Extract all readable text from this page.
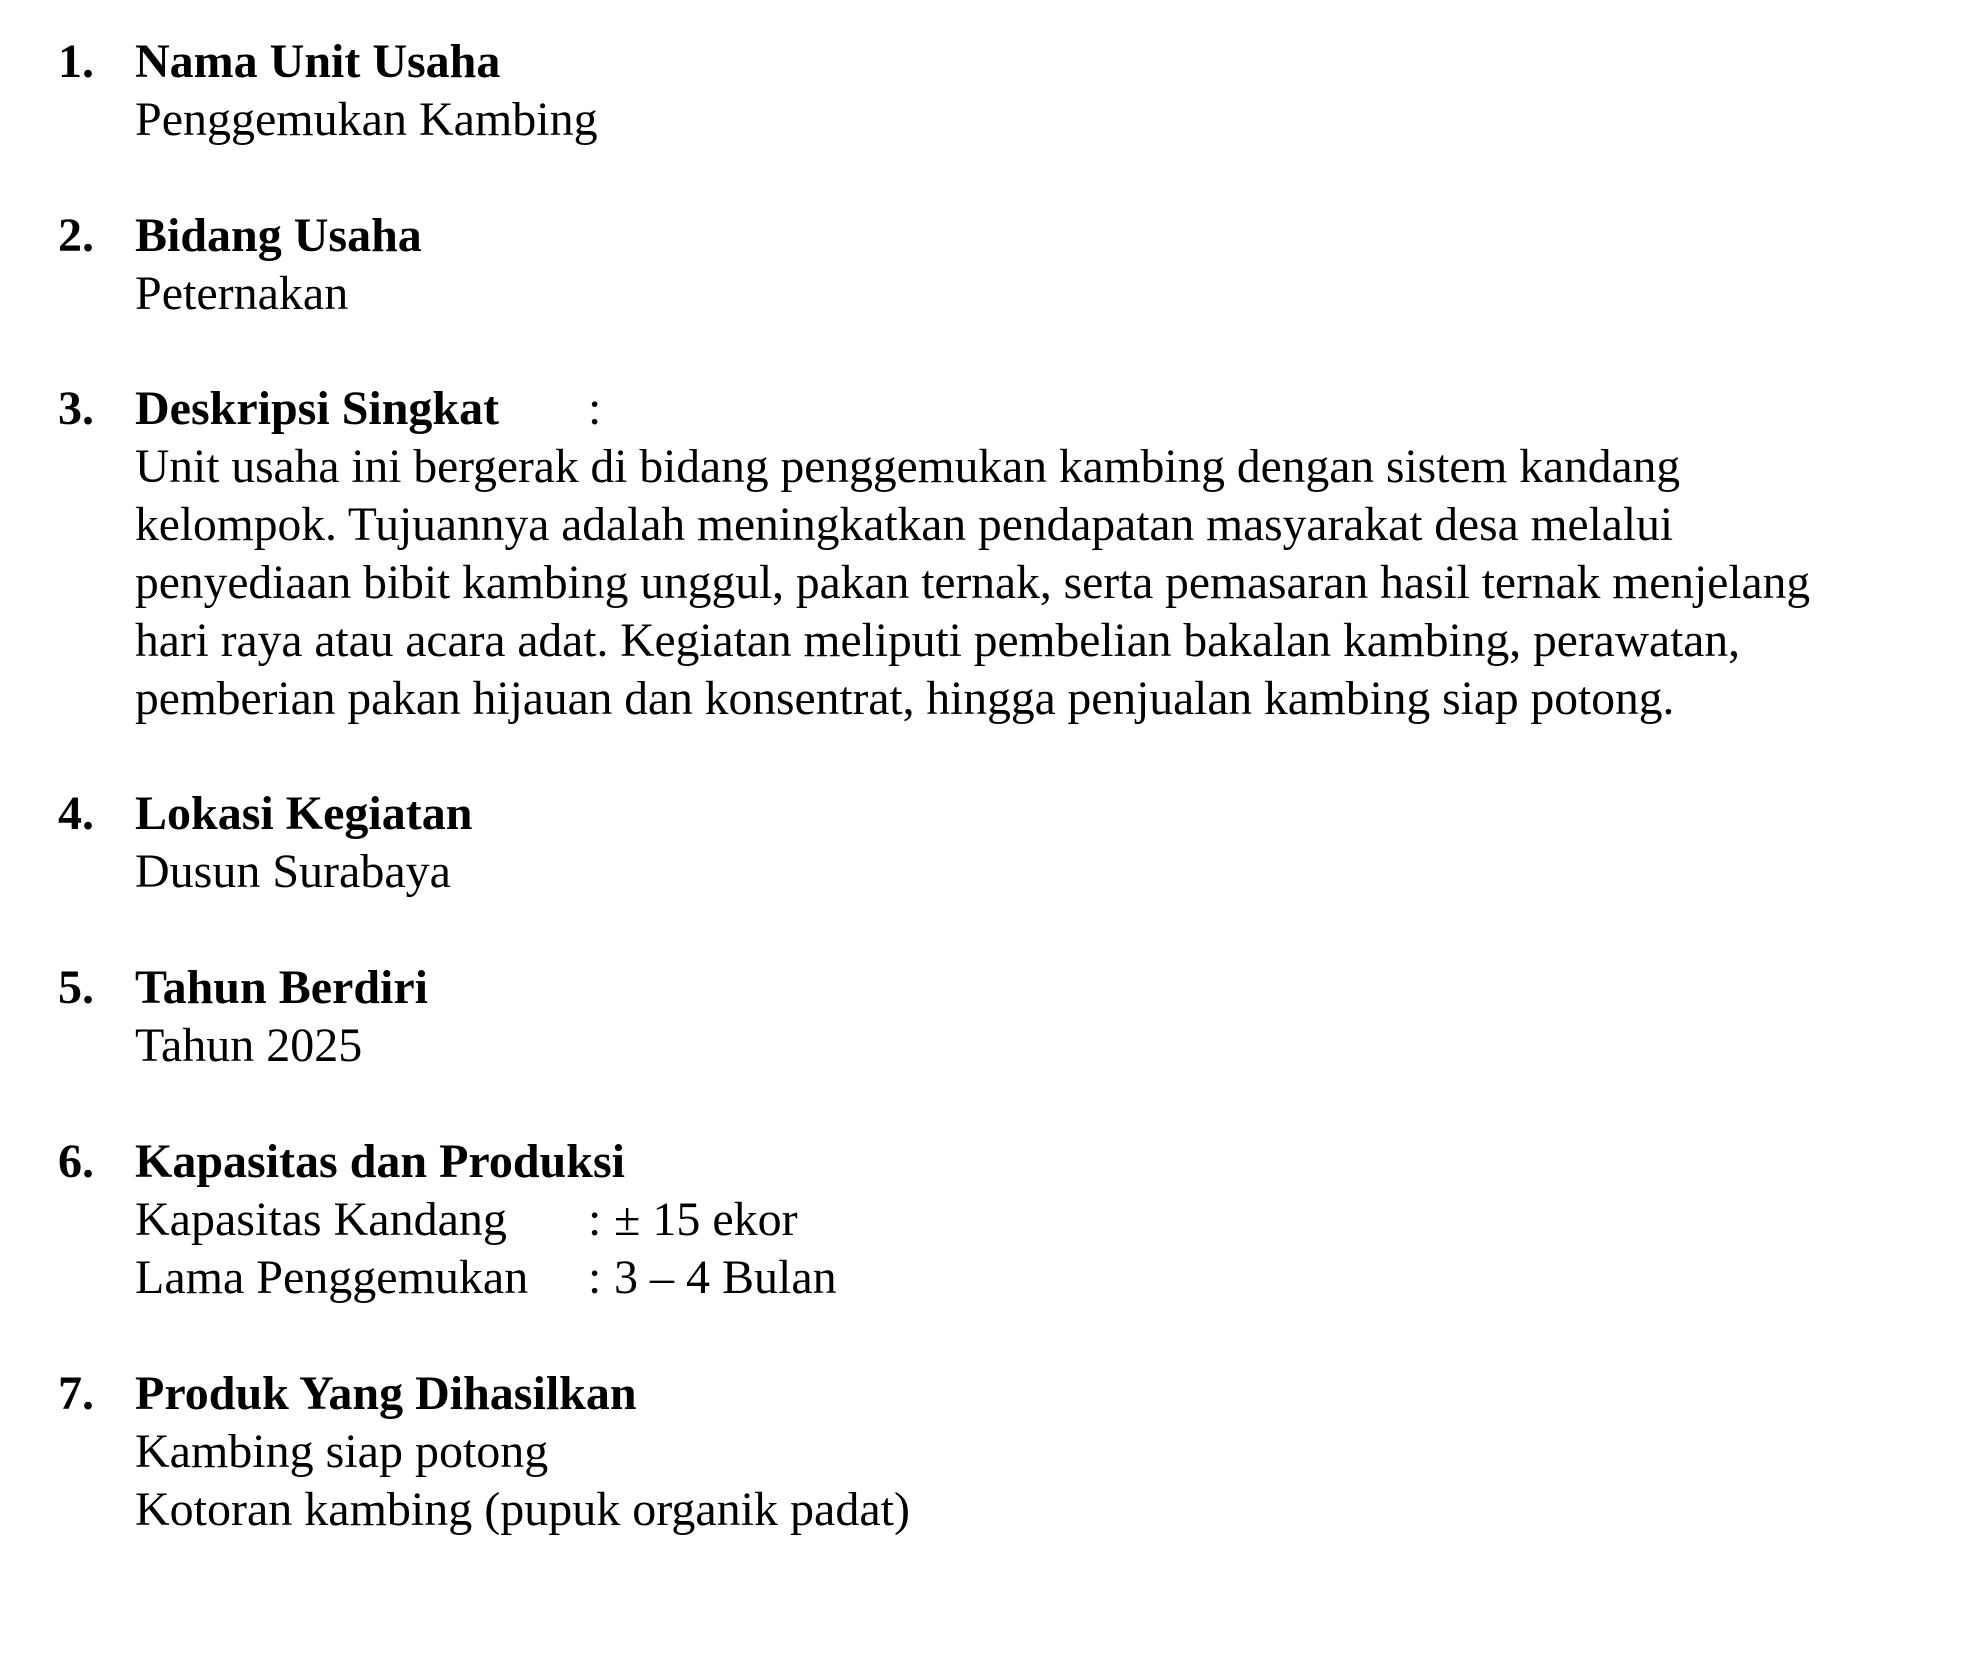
1. Nama Unit Usaha
Penggemukan Kambing
2. Bidang Usaha
Peternakan
3. Deskripsi Singkat :
Unit usaha ini bergerak di bidang penggemukan kambing dengan sistem kandang
kelompok. Tujuannya adalah meningkatkan pendapatan masyarakat desa melalui
penyediaan bibit kambing unggul, pakan ternak, serta pemasaran hasil ternak menjelang
hari raya atau acara adat. Kegiatan meliputi pembelian bakalan kambing, perawatan,
pemberian pakan hijauan dan konsentrat, hingga penjualan kambing siap potong.
4. Lokasi Kegiatan
Dusun Surabaya
5. Tahun Berdiri
Tahun 2025
6. Kapasitas dan Produksi
Kapasitas Kandang : ± 15 ekor
Lama Penggemukan : 3 – 4 Bulan
7. Produk Yang Dihasilkan
Kambing siap potong
Kotoran kambing (pupuk organik padat)
